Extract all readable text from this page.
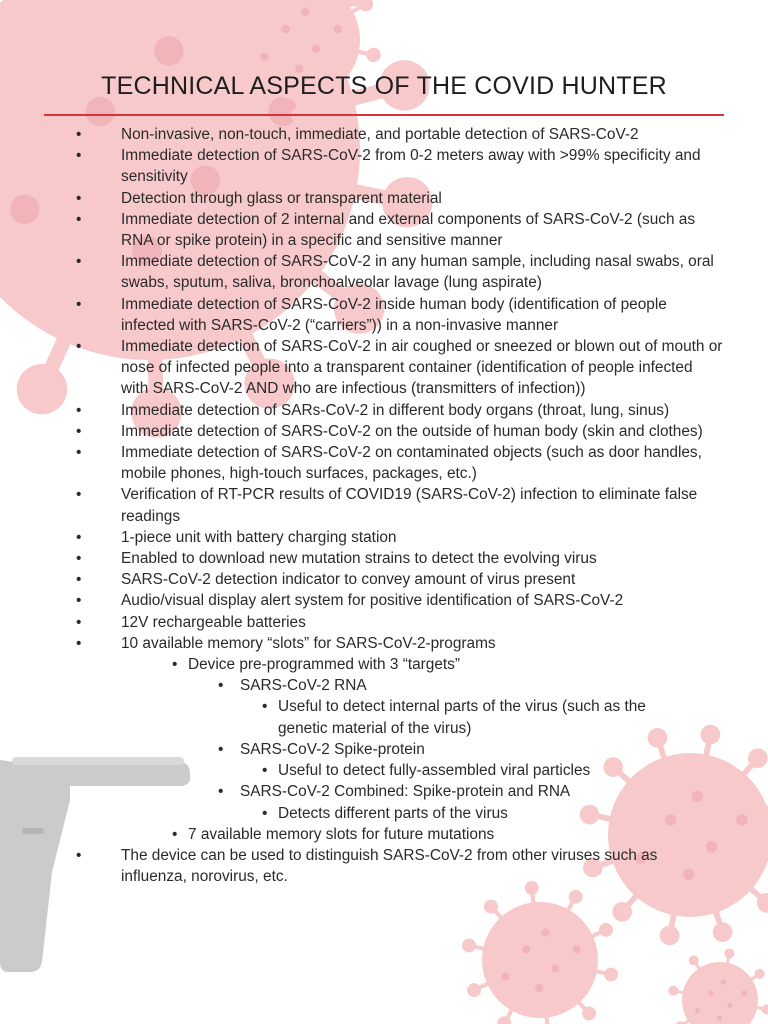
TECHNICAL ASPECTS OF THE COVID HUNTER
•	Non-invasive, non-touch, immediate, and portable detection of SARS-CoV-2
•	Immediate detection of SARS-CoV-2 from 0-2 meters away with >99% specificity and sensitivity
•	Detection through glass or transparent material
•	Immediate detection of 2 internal and external components of SARS-CoV-2 (such as RNA or spike protein) in a specific and sensitive manner
•	Immediate detection of SARS-CoV-2 in any human sample, including nasal swabs, oral swabs, sputum, saliva, bronchoalveolar lavage (lung aspirate)
•	Immediate detection of SARS-CoV-2 inside human body (identification of people infected with SARS-CoV-2 (“carriers”)) in a non-invasive manner
•	Immediate detection of SARS-CoV-2 in air coughed or sneezed or blown out of mouth or nose of infected people into a transparent container (identification of people infected with SARS-CoV-2 AND who are infectious (transmitters of infection))
•	Immediate detection of SARs-CoV-2 in different body organs (throat, lung, sinus)
•	Immediate detection of SARS-CoV-2 on the outside of human body (skin and clothes)
•	Immediate detection of SARS-CoV-2 on contaminated objects (such as door handles, mobile phones, high-touch surfaces, packages, etc.)
•	Verification of RT-PCR results of COVID19 (SARS-CoV-2) infection to eliminate false readings
•	1-piece unit with battery charging station
•	Enabled to download new mutation strains to detect the evolving virus
•	SARS-CoV-2 detection indicator to convey amount of virus present
•	Audio/visual display alert system for positive identification of SARS-CoV-2
•	12V rechargeable batteries
•	10 available memory “slots” for SARS-CoV-2-programs
• Device pre-programmed with 3 “targets”
• SARS-CoV-2 RNA
• Useful to detect internal parts of the virus (such as the genetic material of the virus)
• SARS-CoV-2 Spike-protein
• Useful to detect fully-assembled viral particles
• SARS-CoV-2 Combined: Spike-protein and RNA
• Detects different parts of the virus
• 7 available memory slots for future mutations
•	The device can be used to distinguish SARS-CoV-2 from other viruses such as influenza, norovirus, etc.
